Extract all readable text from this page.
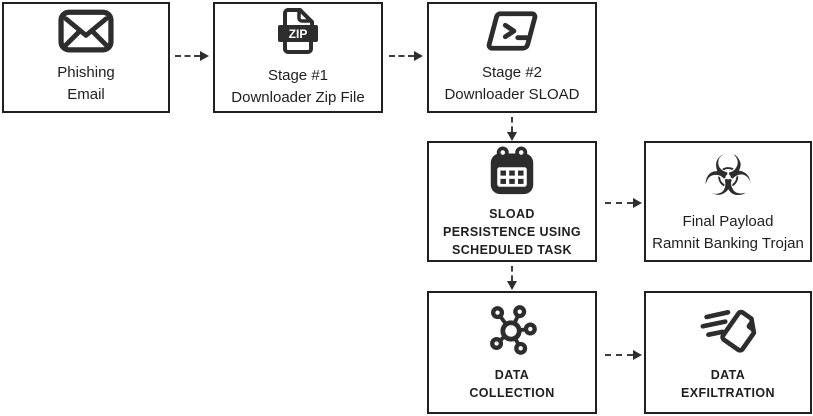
Phishing
Email
ZIP
Stage #1
Downloader Zip File
Stage #2
Downloader SLOAD
SLOAD
PERSISTENCE USING
SCHEDULED TASK
☣
Final Payload
Ramnit Banking Trojan
DATA
COLLECTION
DATA
EXFILTRATION
